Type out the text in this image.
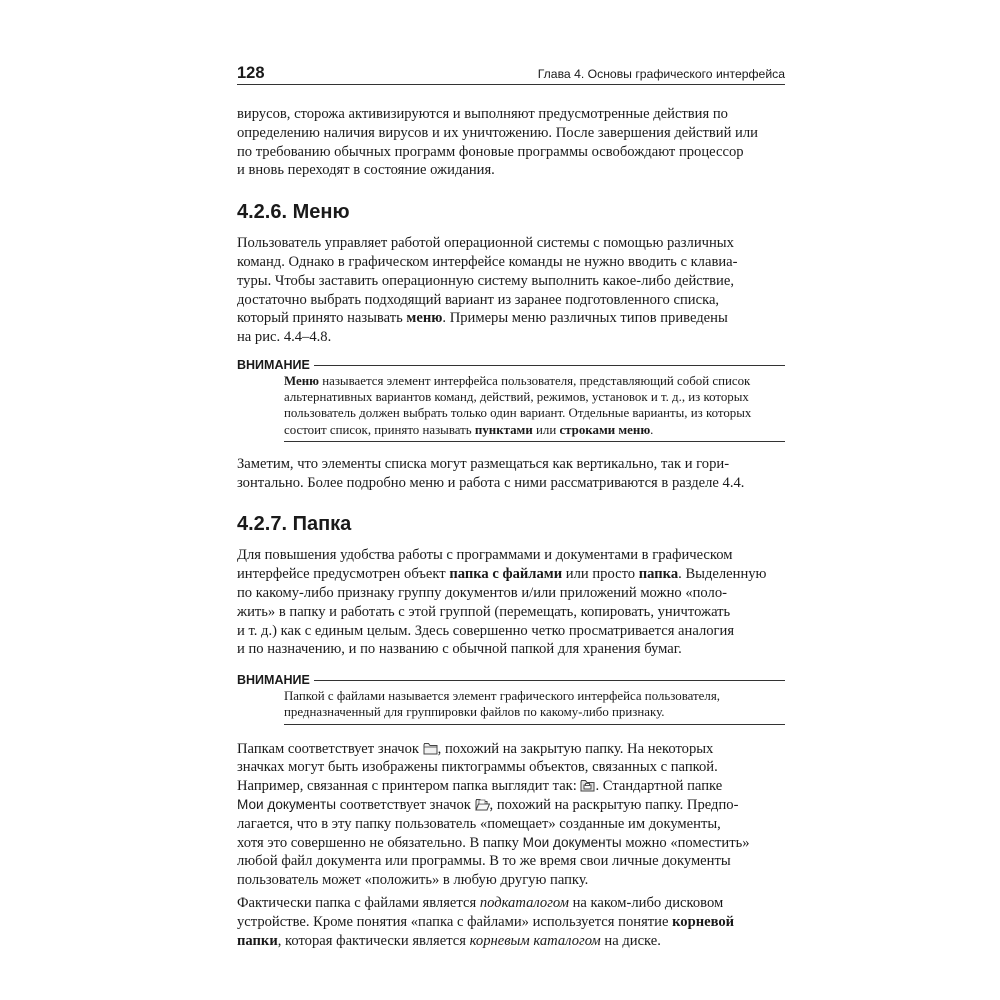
128	Глава 4. Основы графического интерфейса

вирусов, сторожа активизируются и выполняют предусмотренные действия по

определению наличия вирусов и их уничтожению. После завершения действий или

по требованию обычных программ фоновые программы освобождают процессор

и вновь переходят в состояние ожидания.

4.2.6. Меню

Пользователь управляет работой операционной системы с помощью различных

команд. Однако в графическом интерфейсе команды не нужно вводить с клавиа-

туры. Чтобы заставить операционную систему выполнить какое-либо действие,

достаточно выбрать подходящий вариант из заранее подготовленного списка,

который принято называть меню. Примеры меню различных типов приведены

на рис. 4.4–4.8.

ВНИМАНИЕ

Меню называется элемент интерфейса пользователя, представляющий собой список

альтернативных вариантов команд, действий, режимов, установок и т. д., из которых

пользователь должен выбрать только один вариант. Отдельные варианты, из которых

состоит список, принято называть пунктами или строками меню.

Заметим, что элементы списка могут размещаться как вертикально, так и гори-

зонтально. Более подробно меню и работа с ними рассматриваются в разделе 4.4.

4.2.7. Папка

Для повышения удобства работы с программами и документами в графическом

интерфейсе предусмотрен объект папка с файлами или просто папка. Выделенную

по какому-либо признаку группу документов и/или приложений можно «поло-

жить» в папку и работать с этой группой (перемещать, копировать, уничтожать

и т. д.) как с единым целым. Здесь совершенно четко просматривается аналогия

и по назначению, и по названию с обычной папкой для хранения бумаг.

ВНИМАНИЕ

Папкой с файлами называется элемент графического интерфейса пользователя,

предназначенный для группировки файлов по какому-либо признаку.

Папкам соответствует значок
, похожий на закрытую папку. На некоторых

значках могут быть изображены пиктограммы объектов, связанных с папкой.

Например, связанная с принтером папка выглядит так:
. Стандартной папке

Мои документы соответствует значок
, похожий на раскрытую папку. Предпо-

лагается, что в эту папку пользователь «помещает» созданные им документы,

хотя это совершенно не обязательно. В папку Мои документы можно «поместить»

любой файл документа или программы. В то же время свои личные документы

пользователь может «положить» в любую другую папку.

Фактически папка с файлами является подкаталогом на каком-либо дисковом

устройстве. Кроме понятия «папка с файлами» используется понятие корневой

папки, которая фактически является корневым каталогом на диске.
